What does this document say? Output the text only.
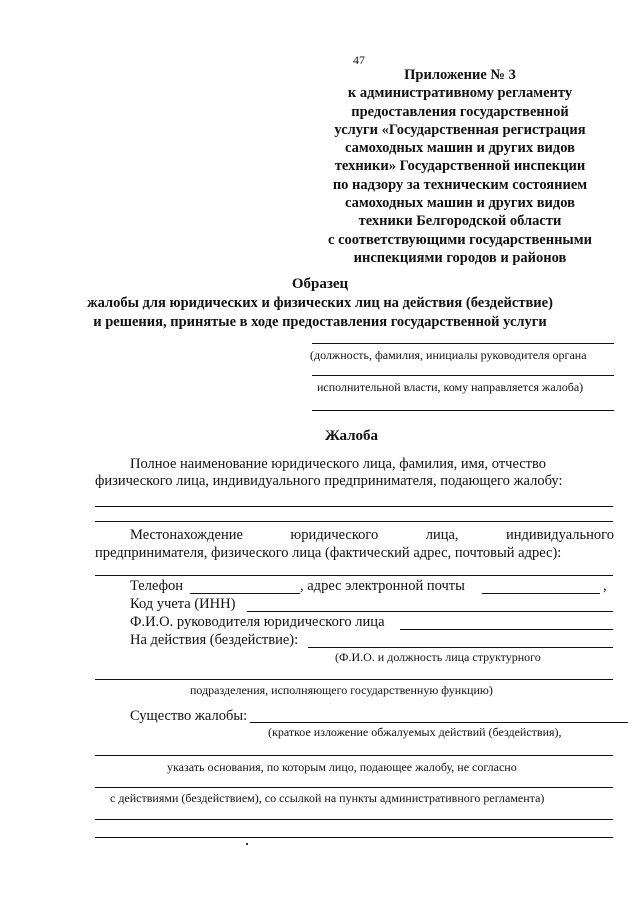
47
Приложение № 3
к административному регламенту
предоставления государственной
услуги «Государственная регистрация
самоходных машин и других видов
техники» Государственной инспекции
по надзору за техническим состоянием
самоходных машин и других видов
техники Белгородской области
с соответствующими государственными
инспекциями городов и районов
Образец
жалобы для юридических и физических лиц на действия (бездействие)
и решения, принятые в ходе предоставления государственной услуги
(должность, фамилия, инициалы руководителя органа
исполнительной власти, кому направляется жалоба)
Жалоба
Полное наименование юридического лица, фамилия, имя, отчество
физического лица, индивидуального предпринимателя, подающего жалобу:
Местонахождение	юридического	лица,	индивидуального
предпринимателя, физического лица (фактический адрес, почтовый адрес):
Телефон	, адрес электронной почты	,
Код учета (ИНН)
Ф.И.О. руководителя юридического лица
На действия (бездействие):
(Ф.И.О. и должность лица структурного
подразделения, исполняющего государственную функцию)
Существо жалобы:
(краткое изложение обжалуемых действий (бездействия),
указать основания, по которым лицо, подающее жалобу, не согласно
с действиями (бездействием), со ссылкой на пункты административного регламента)
